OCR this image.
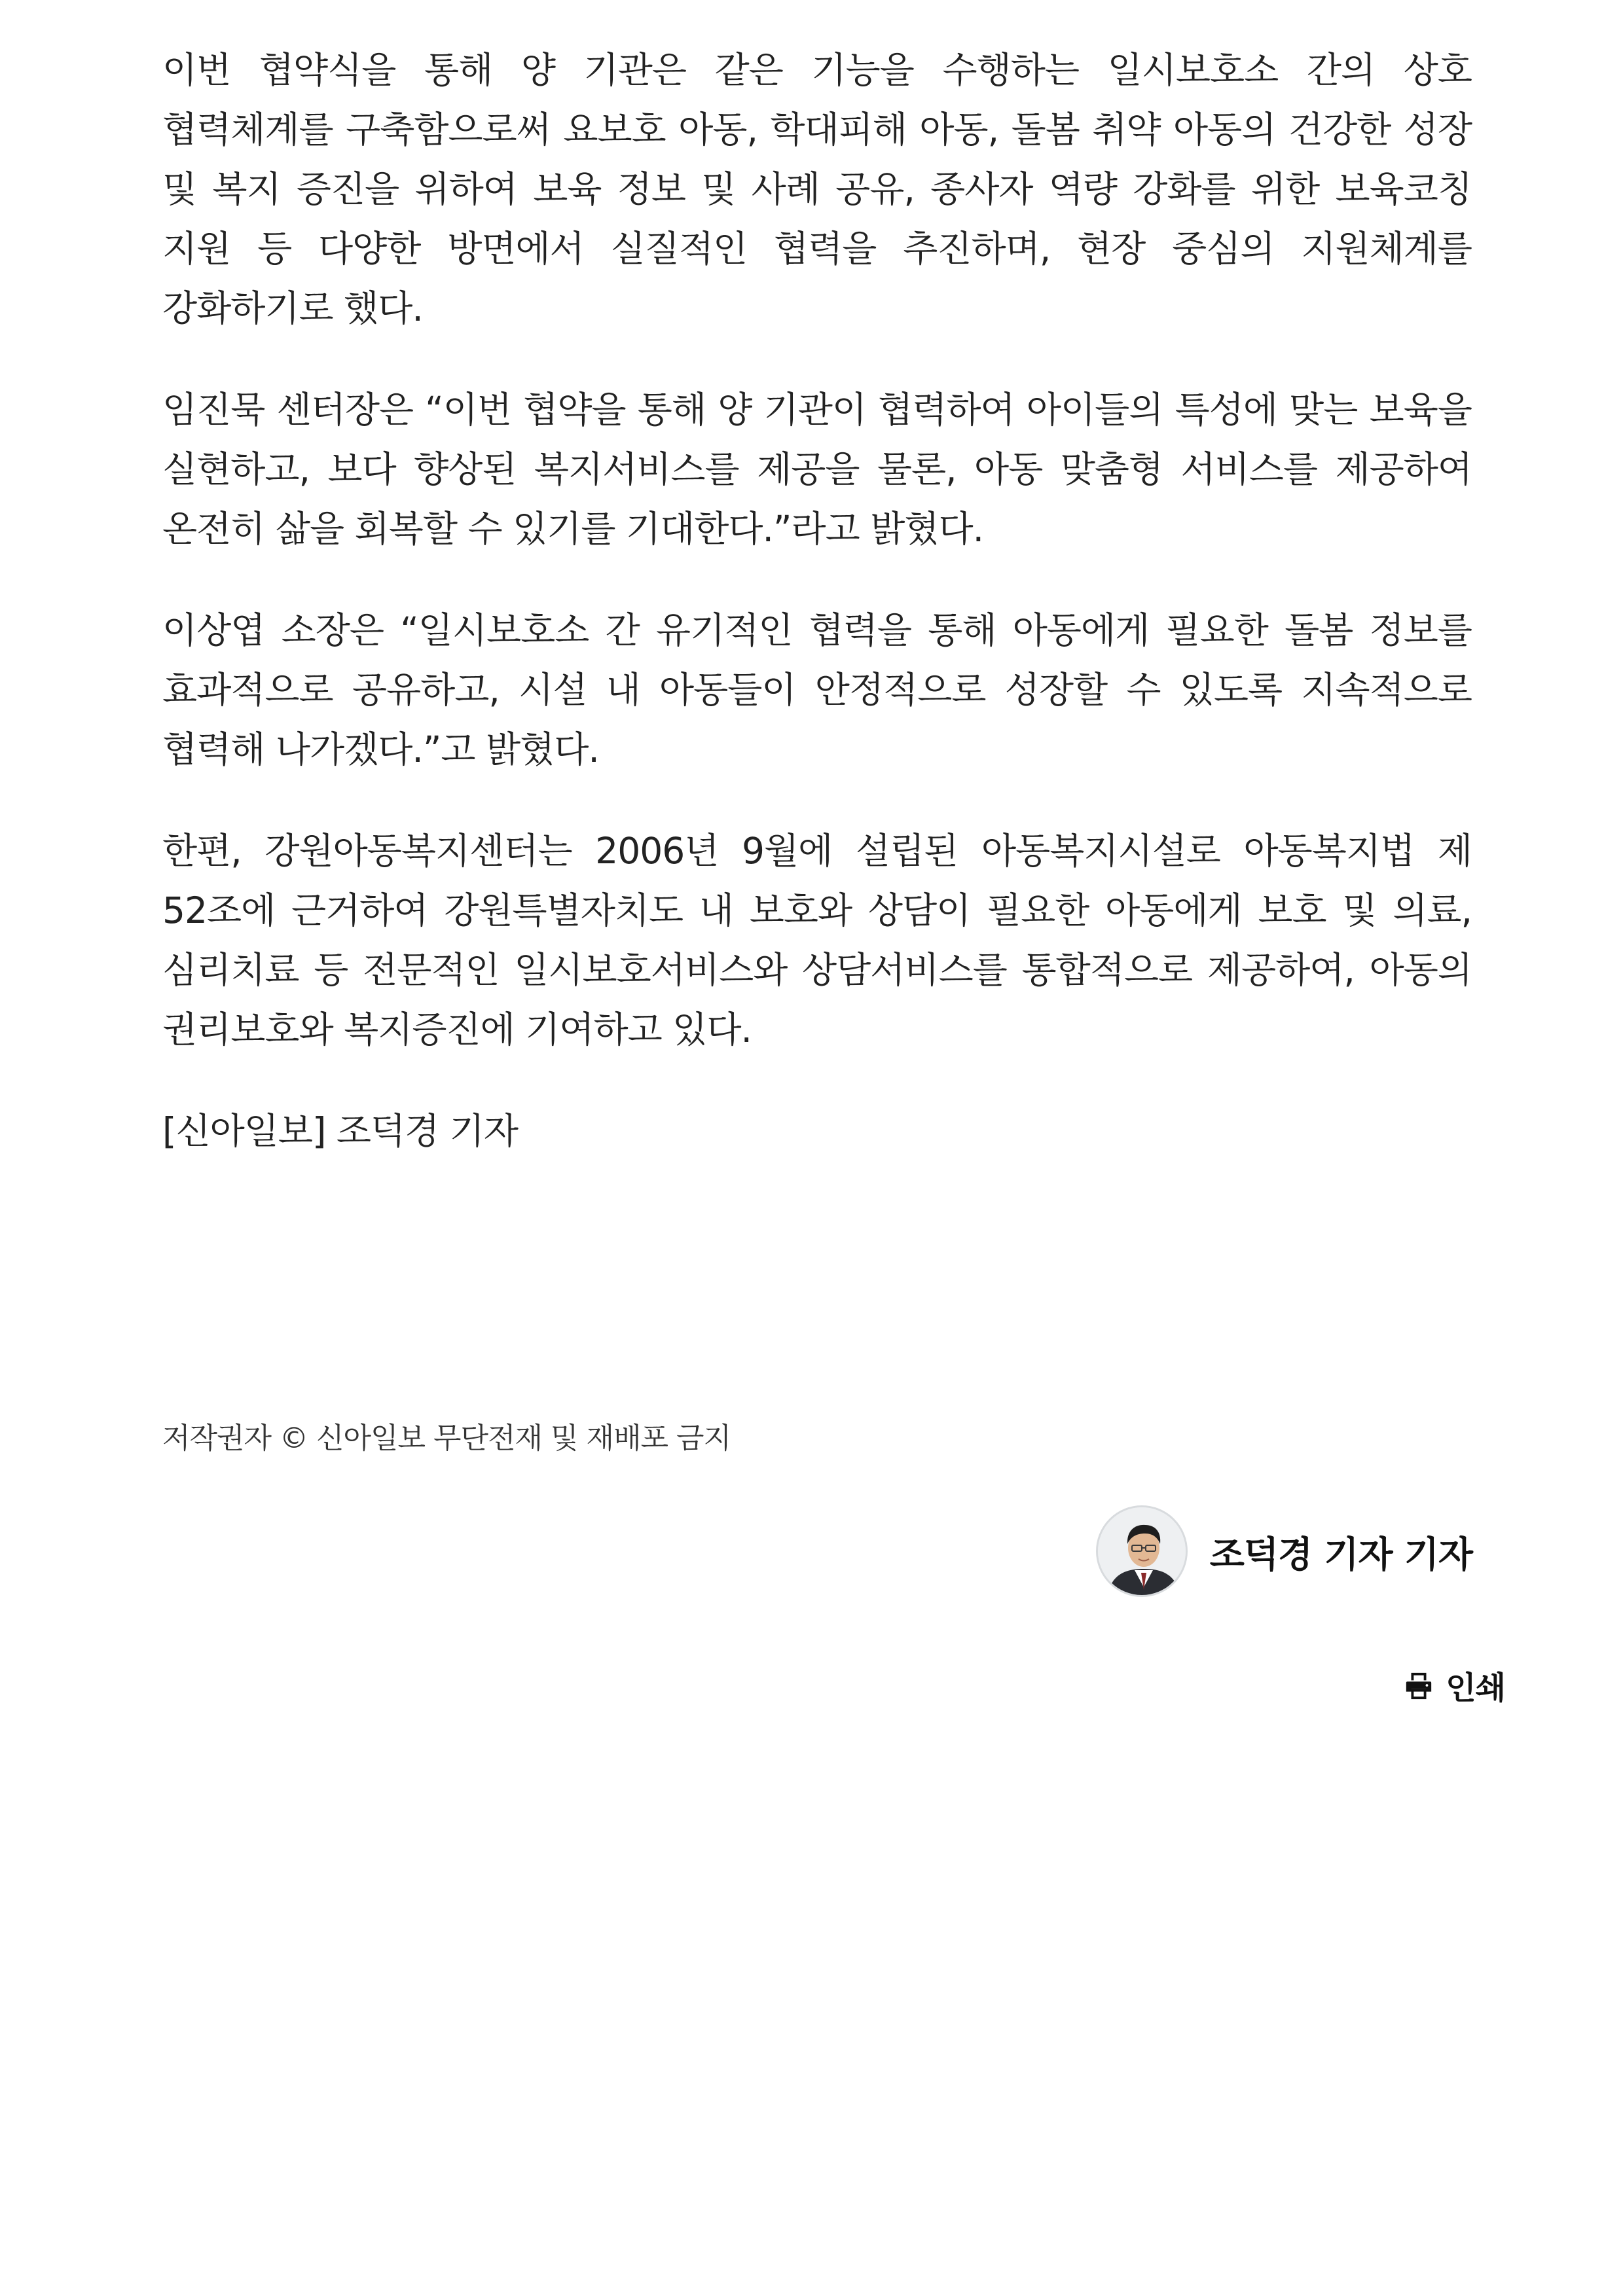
이번 협약식을 통해 양 기관은 같은 기능을 수행하는 일시보호소 간의 상호 협력체계를 구축함으로써 요보호 아동, 학대피해 아동, 돌봄 취약 아동의 건강한 성장 및 복지 증진을 위하여 보육 정보 및 사례 공유, 종사자 역량 강화를 위한 보육코칭 지원 등 다양한 방면에서 실질적인 협력을 추진하며, 현장 중심의 지원체계를 강화하기로 했다.

임진묵 센터장은 “이번 협약을 통해 양 기관이 협력하여 아이들의 특성에 맞는 보육을 실현하고, 보다 향상된 복지서비스를 제공을 물론, 아동 맞춤형 서비스를 제공하여 온전히 삶을 회복할 수 있기를 기대한다.”라고 밝혔다.

이상엽 소장은 “일시보호소 간 유기적인 협력을 통해 아동에게 필요한 돌봄 정보를 효과적으로 공유하고, 시설 내 아동들이 안정적으로 성장할 수 있도록 지속적으로 협력해 나가겠다.”고 밝혔다.

한편, 강원아동복지센터는 2006년 9월에 설립된 아동복지시설로 아동복지법 제 52조에 근거하여 강원특별자치도 내 보호와 상담이 필요한 아동에게 보호 및 의료, 심리치료 등 전문적인 일시보호서비스와 상담서비스를 통합적으로 제공하여, 아동의 권리보호와 복지증진에 기여하고 있다.

[신아일보] 조덕경 기자

저작권자 © 신아일보 무단전재 및 재배포 금지
조덕경 기자 기자
인쇄
